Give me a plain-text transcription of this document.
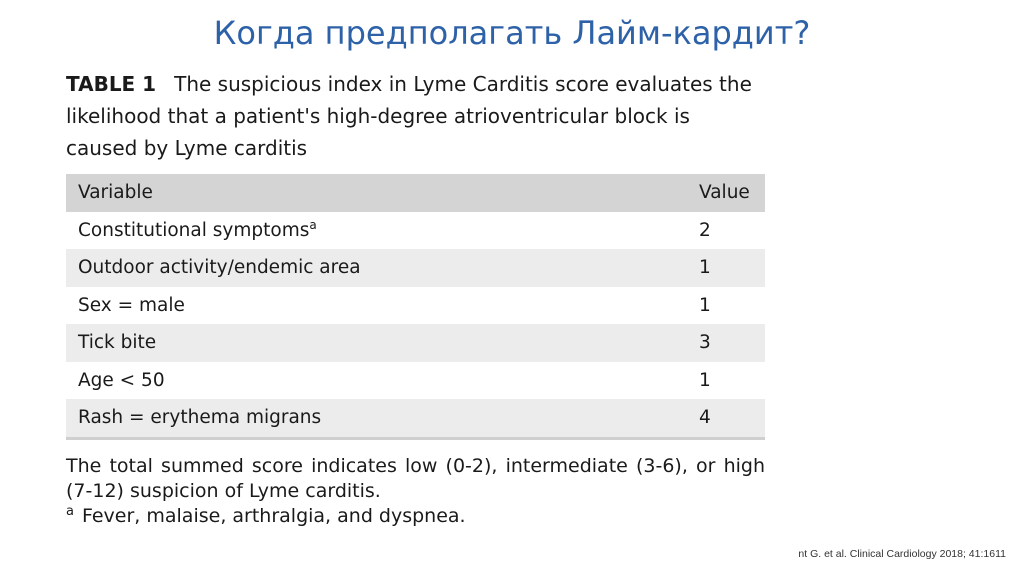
Когда предполагать Лайм-кардит?
TABLE 1 The suspicious index in Lyme Carditis score evaluates the likelihood that a patient's high-degree atrioventricular block is caused by Lyme carditis
Variable	Value
Constitutional symptoms$^a$	2
Outdoor activity/endemic area	1
Sex = male	1
Tick bite	3
Age < 50	1
Rash = erythema migrans	4
The total summed score indicates low (0-2), intermediate (3-6), or high (7-12) suspicion of Lyme carditis.
$^a$ Fever, malaise, arthralgia, and dyspnea.
nt G. et al. Clinical Cardiology 2018; 41:1611
